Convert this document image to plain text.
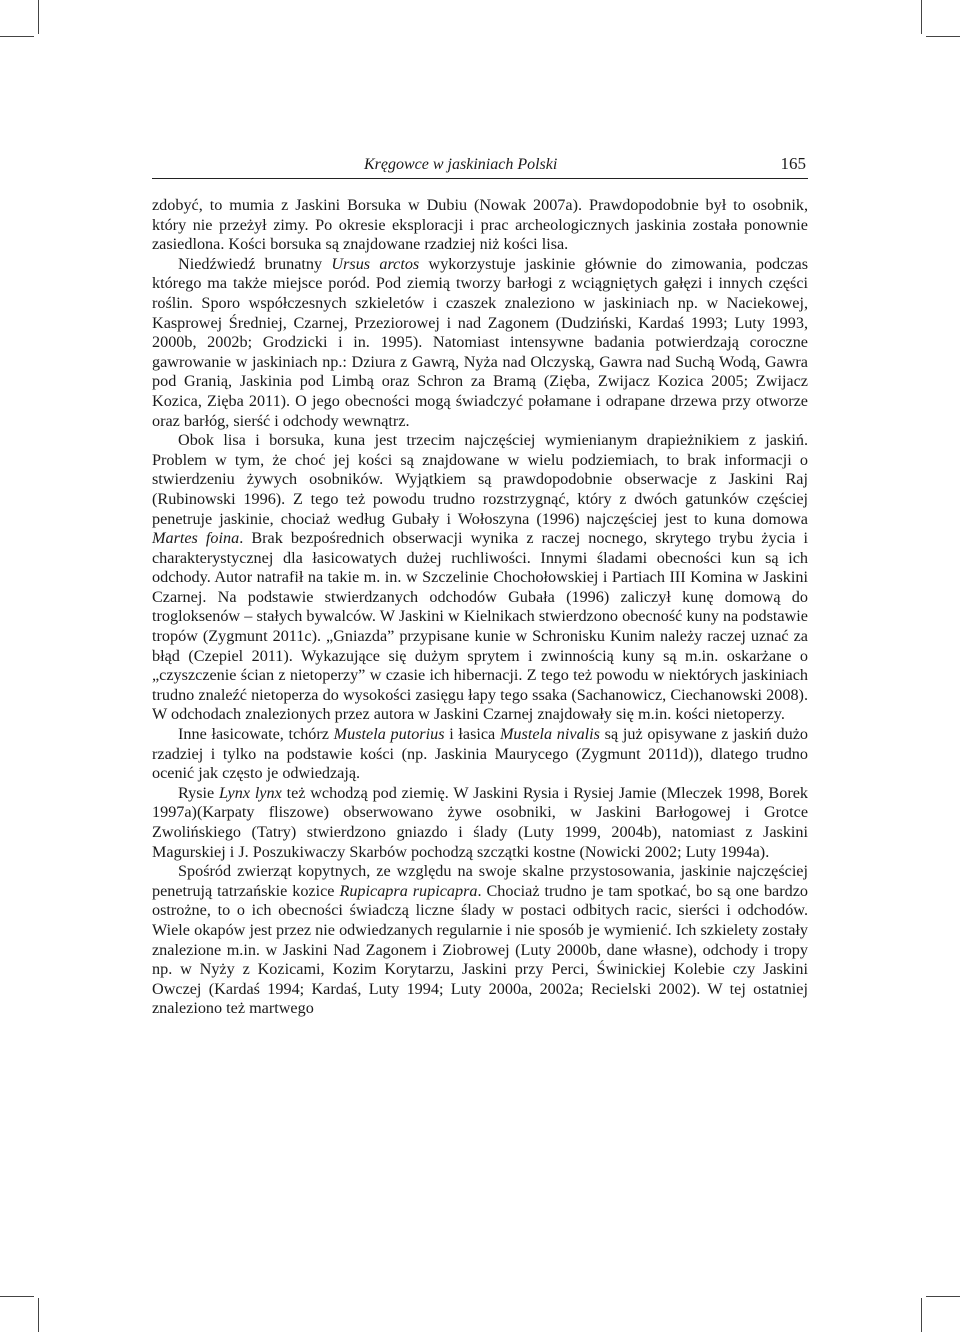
Kręgowce w jaskiniach Polski	165

zdobyć, to mumia z Jaskini Borsuka w Dubiu (Nowak 2007a). Prawdopodobnie był to osobnik, który nie przeżył zimy. Po okresie eksploracji i prac archeologicznych jaskinia została ponownie zasiedlona. Kości borsuka są znajdowane rzadziej niż kości lisa.

Niedźwiedź brunatny Ursus arctos wykorzystuje jaskinie głównie do zimowania, podczas którego ma także miejsce poród. Pod ziemią tworzy barłogi z wciągniętych gałęzi i innych części roślin. Sporo współczesnych szkieletów i czaszek znaleziono w jaskiniach np. w Naciekowej, Kasprowej Średniej, Czarnej, Przeziorowej i nad Zagonem (Dudziński, Kardaś 1993; Luty 1993, 2000b, 2002b; Grodzicki i in. 1995). Natomiast intensywne badania potwierdzają coroczne gawrowanie w jaskiniach np.: Dziura z Gawrą, Nyża nad Olczyską, Gawra nad Suchą Wodą, Gawra pod Granią, Jaskinia pod Limbą oraz Schron za Bramą (Zięba, Zwijacz Kozica 2005; Zwijacz Kozica, Zięba 2011). O jego obecności mogą świadczyć połamane i odrapane drzewa przy otworze oraz barłóg, sierść i odchody wewnątrz.

Obok lisa i borsuka, kuna jest trzecim najczęściej wymienianym drapieżnikiem z jaskiń. Problem w tym, że choć jej kości są znajdowane w wielu podziemiach, to brak informacji o stwierdzeniu żywych osobników. Wyjątkiem są prawdopodobnie obserwacje z Jaskini Raj (Rubinowski 1996). Z tego też powodu trudno rozstrzygnąć, który z dwóch gatunków częściej penetruje jaskinie, chociaż według Gubały i Wołoszyna (1996) najczęściej jest to kuna domowa Martes foina. Brak bezpośrednich obserwacji wynika z raczej nocnego, skrytego trybu życia i charakterystycznej dla łasicowatych dużej ruchliwości. Innymi śladami obecności kun są ich odchody. Autor natrafił na takie m. in. w Szczelinie Chochołowskiej i Partiach III Komina w Jaskini Czarnej. Na podstawie stwierdzanych odchodów Gubała (1996) zaliczył kunę domową do trogloksenów – stałych bywalców. W Jaskini w Kielnikach stwierdzono obecność kuny na podstawie tropów (Zygmunt 2011c). „Gniazda” przypisane kunie w Schronisku Kunim należy raczej uznać za błąd (Czepiel 2011). Wykazujące się dużym sprytem i zwinnością kuny są m.in. oskarżane o „czyszczenie ścian z nietoperzy” w czasie ich hibernacji. Z tego też powodu w niektórych jaskiniach trudno znaleźć nietoperza do wysokości zasięgu łapy tego ssaka (Sachanowicz, Ciechanowski 2008). W odchodach znalezionych przez autora w Jaskini Czarnej znajdowały się m.in. kości nietoperzy.

Inne łasicowate, tchórz Mustela putorius i łasica Mustela nivalis są już opisywane z jaskiń dużo rzadziej i tylko na podstawie kości (np. Jaskinia Maurycego (Zygmunt 2011d)), dlatego trudno ocenić jak często je odwiedzają.

Rysie Lynx lynx też wchodzą pod ziemię. W Jaskini Rysia i Rysiej Jamie (Mleczek 1998, Borek 1997a)(Karpaty fliszowe) obserwowano żywe osobniki, w Jaskini Barłogowej i Grotce Zwolińskiego (Tatry) stwierdzono gniazdo i ślady (Luty 1999, 2004b), natomiast z Jaskini Magurskiej i J. Poszukiwaczy Skarbów pochodzą szczątki kostne (Nowicki 2002; Luty 1994a).

Spośród zwierząt kopytnych, ze względu na swoje skalne przystosowania, jaskinie najczęściej penetrują tatrzańskie kozice Rupicapra rupicapra. Chociaż trudno je tam spotkać, bo są one bardzo ostrożne, to o ich obecności świadczą liczne ślady w postaci odbitych racic, sierści i odchodów. Wiele okapów jest przez nie odwiedzanych regularnie i nie sposób je wymienić. Ich szkielety zostały znalezione m.in. w Jaskini Nad Zagonem i Ziobrowej (Luty 2000b, dane własne), odchody i tropy np. w Nyży z Kozicami, Kozim Korytarzu, Jaskini przy Perci, Świnickiej Kolebie czy Jaskini Owczej (Kardaś 1994; Kardaś, Luty 1994; Luty 2000a, 2002a; Recielski 2002). W tej ostatniej znaleziono też martwego
